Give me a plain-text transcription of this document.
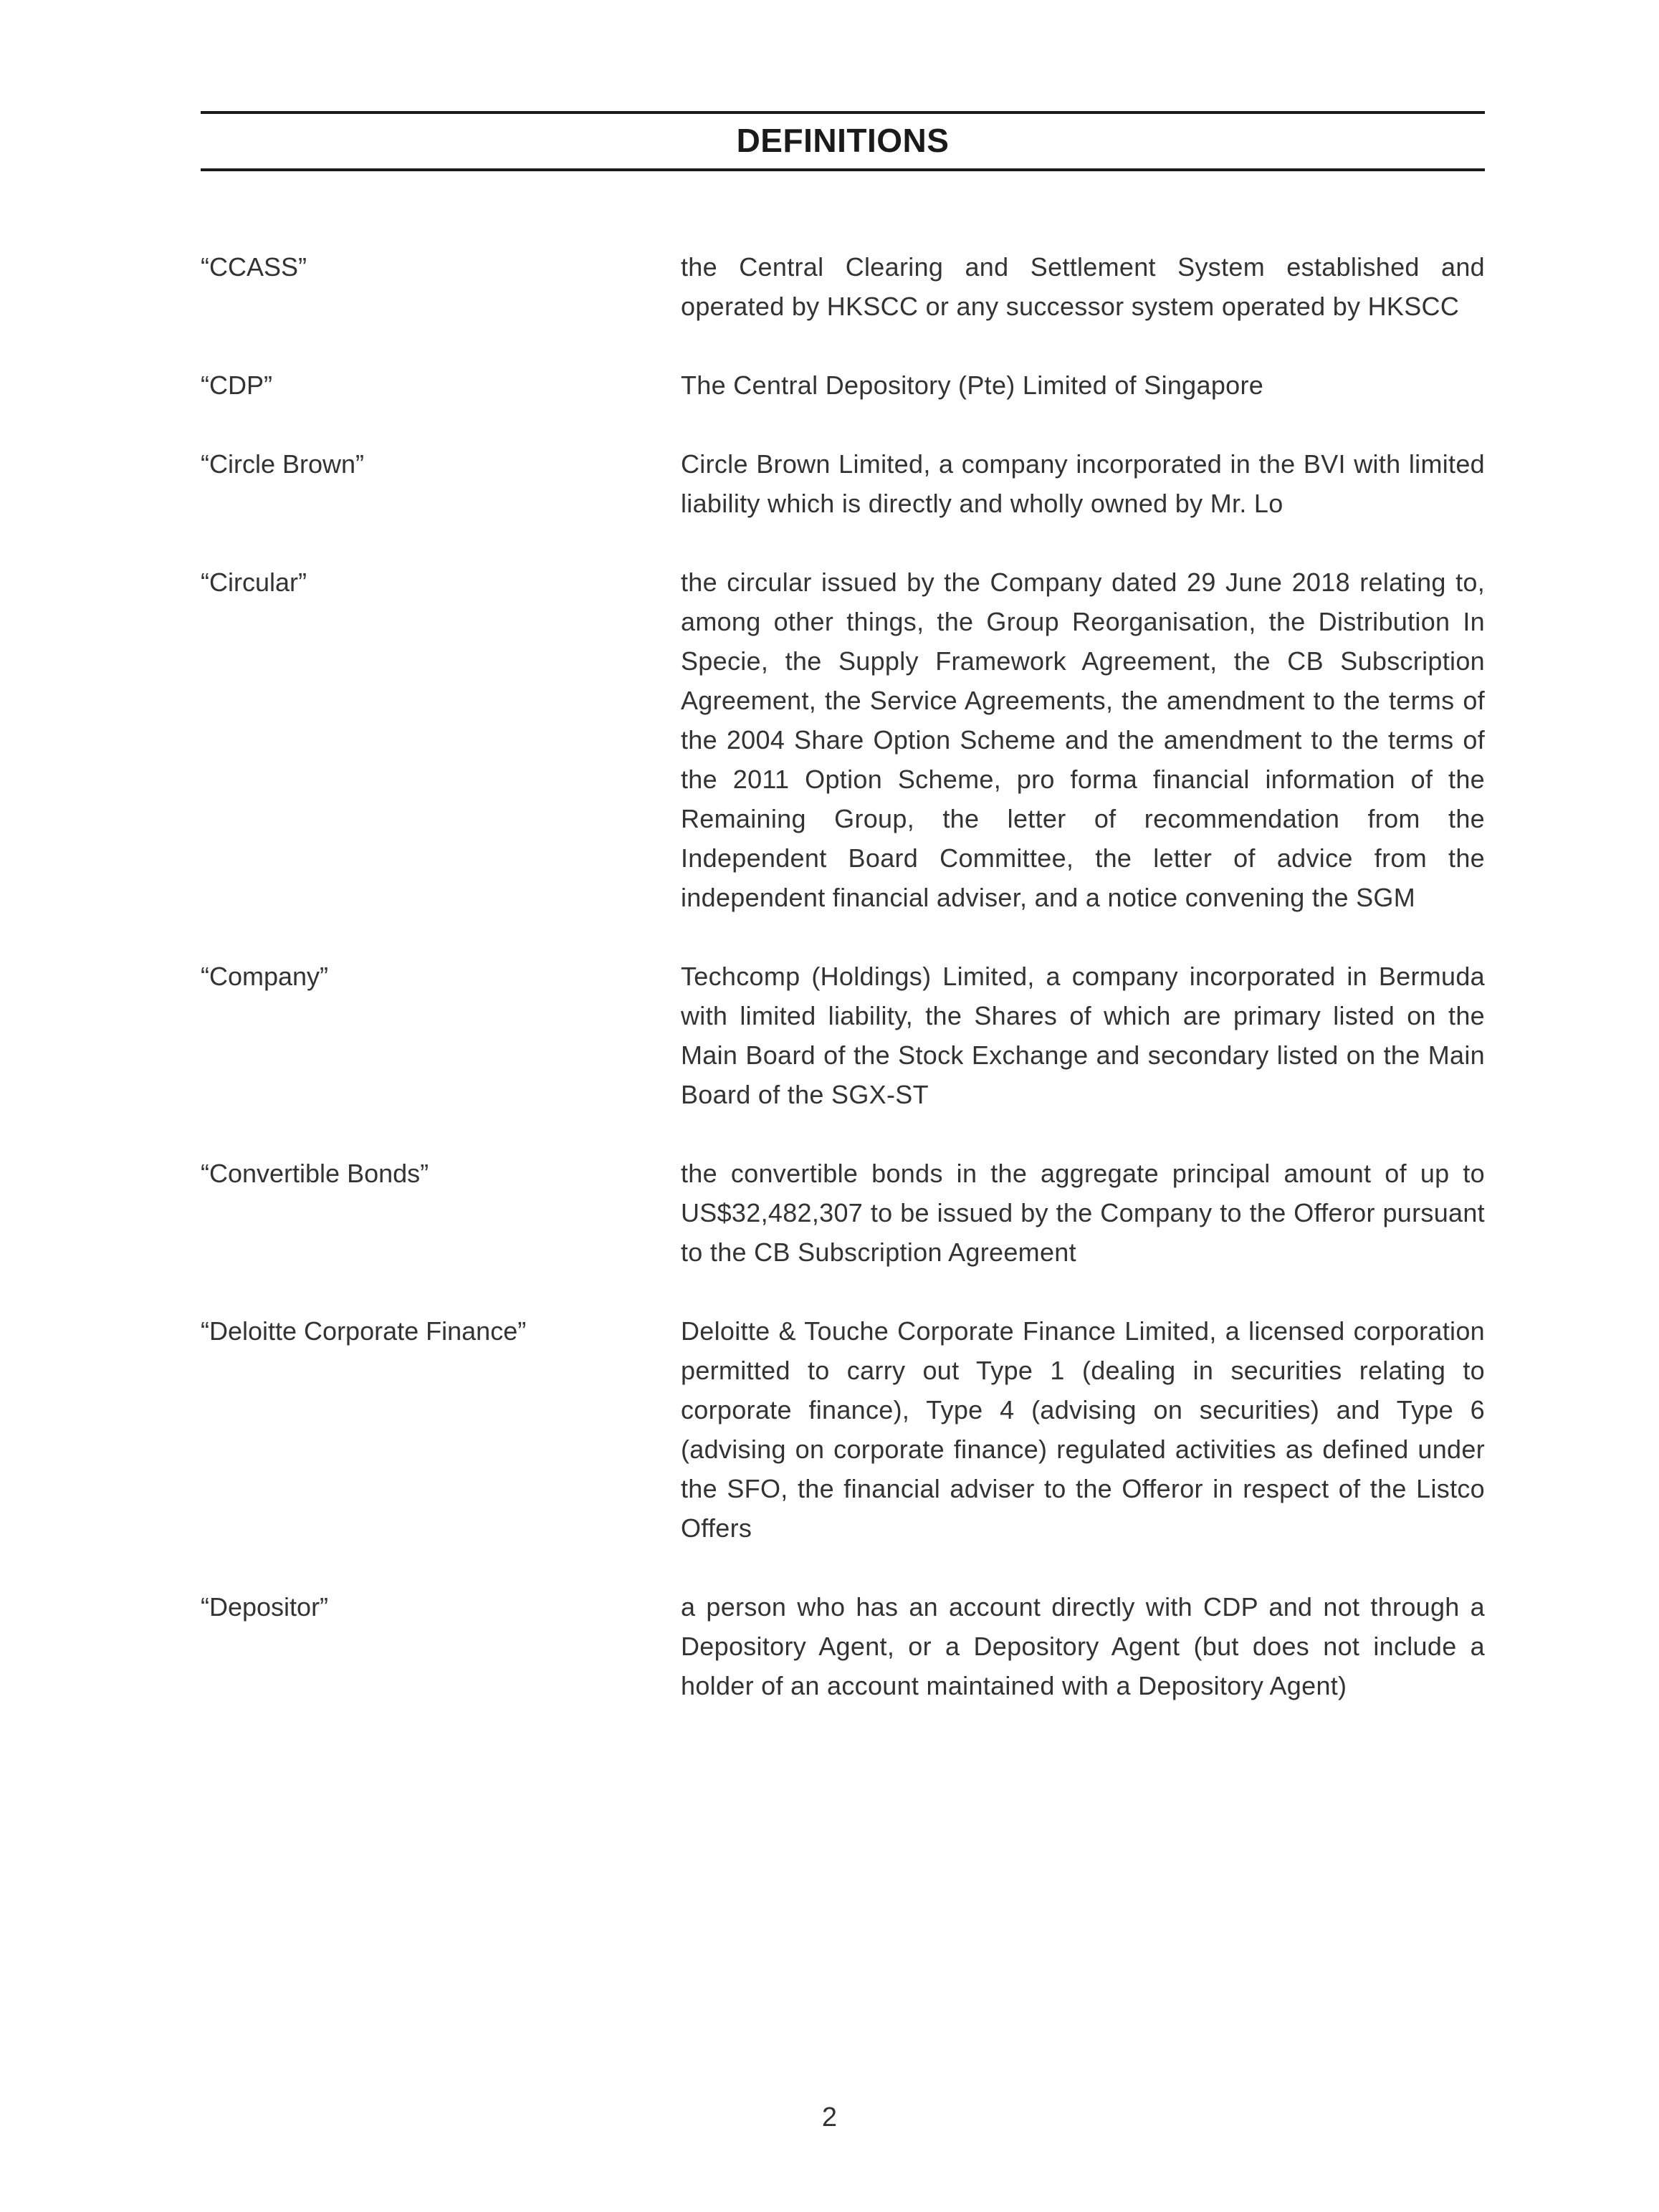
DEFINITIONS
“CCASS”	the Central Clearing and Settlement System established and operated by HKSCC or any successor system operated by HKSCC
“CDP”	The Central Depository (Pte) Limited of Singapore
“Circle Brown”	Circle Brown Limited, a company incorporated in the BVI with limited liability which is directly and wholly owned by Mr. Lo
“Circular”	the circular issued by the Company dated 29 June 2018 relating to, among other things, the Group Reorganisation, the Distribution In Specie, the Supply Framework Agreement, the CB Subscription Agreement, the Service Agreements, the amendment to the terms of the 2004 Share Option Scheme and the amendment to the terms of the 2011 Option Scheme, pro forma financial information of the Remaining Group, the letter of recommendation from the Independent Board Committee, the letter of advice from the independent financial adviser, and a notice convening the SGM
“Company”	Techcomp (Holdings) Limited, a company incorporated in Bermuda with limited liability, the Shares of which are primary listed on the Main Board of the Stock Exchange and secondary listed on the Main Board of the SGX-ST
“Convertible Bonds”	the convertible bonds in the aggregate principal amount of up to US$32,482,307 to be issued by the Company to the Offeror pursuant to the CB Subscription Agreement
“Deloitte Corporate Finance”	Deloitte & Touche Corporate Finance Limited, a licensed corporation permitted to carry out Type 1 (dealing in securities relating to corporate finance), Type 4 (advising on securities) and Type 6 (advising on corporate finance) regulated activities as defined under the SFO, the financial adviser to the Offeror in respect of the Listco Offers
“Depositor”	a person who has an account directly with CDP and not through a Depository Agent, or a Depository Agent (but does not include a holder of an account maintained with a Depository Agent)
2
